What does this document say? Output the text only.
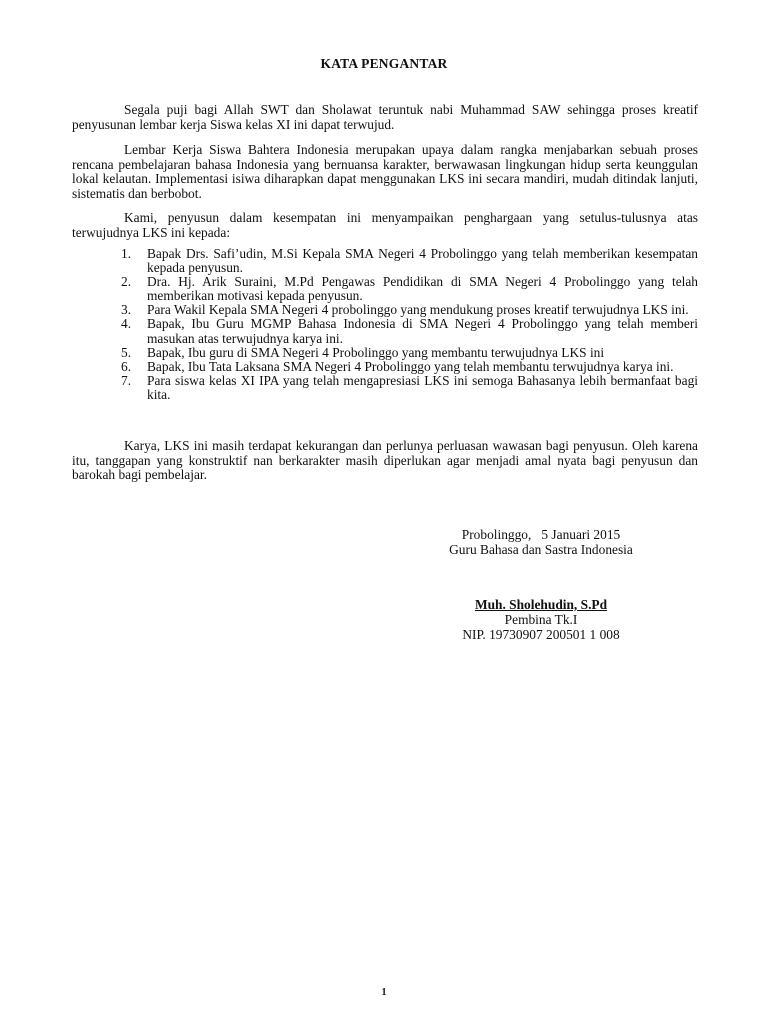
KATA PENGANTAR

Segala puji bagi Allah SWT dan Sholawat teruntuk nabi Muhammad SAW sehingga proses kreatif penyusunan lembar kerja Siswa kelas XI ini dapat terwujud.

Lembar Kerja Siswa Bahtera Indonesia merupakan upaya dalam rangka menjabarkan sebuah proses rencana pembelajaran bahasa Indonesia yang bernuansa karakter, berwawasan lingkungan hidup serta keunggulan lokal kelautan. Implementasi isiwa diharapkan dapat menggunakan LKS ini secara mandiri, mudah ditindak lanjuti, sistematis dan berbobot.

Kami, penyusun dalam kesempatan ini menyampaikan penghargaan yang setulus-tulusnya atas terwujudnya LKS ini kepada:

1. Bapak Drs. Safi’udin, M.Si Kepala SMA Negeri 4 Probolinggo yang telah memberikan kesempatan kepada penyusun.
2. Dra. Hj. Arik Suraini, M.Pd Pengawas Pendidikan di SMA Negeri 4 Probolinggo yang telah memberikan motivasi kepada penyusun.
3. Para Wakil Kepala SMA Negeri 4 probolinggo yang mendukung proses kreatif terwujudnya LKS ini.
4. Bapak, Ibu Guru MGMP Bahasa Indonesia di SMA Negeri 4 Probolinggo yang telah memberi masukan atas terwujudnya karya ini.
5. Bapak, Ibu guru di SMA Negeri 4 Probolinggo yang membantu terwujudnya LKS ini
6. Bapak, Ibu Tata Laksana SMA Negeri 4 Probolinggo yang telah membantu terwujudnya karya ini.
7. Para siswa kelas XI IPA yang telah mengapresiasi LKS ini semoga Bahasanya lebih bermanfaat bagi kita.

Karya, LKS ini masih terdapat kekurangan dan perlunya perluasan wawasan bagi penyusun. Oleh karena itu, tanggapan yang konstruktif nan berkarakter masih diperlukan agar menjadi amal nyata bagi penyusun dan barokah bagi pembelajar.

Probolinggo,   5 Januari 2015
Guru Bahasa dan Sastra Indonesia
Muh. Sholehudin, S.Pd
Pembina Tk.I
NIP. 19730907 200501 1 008
1
